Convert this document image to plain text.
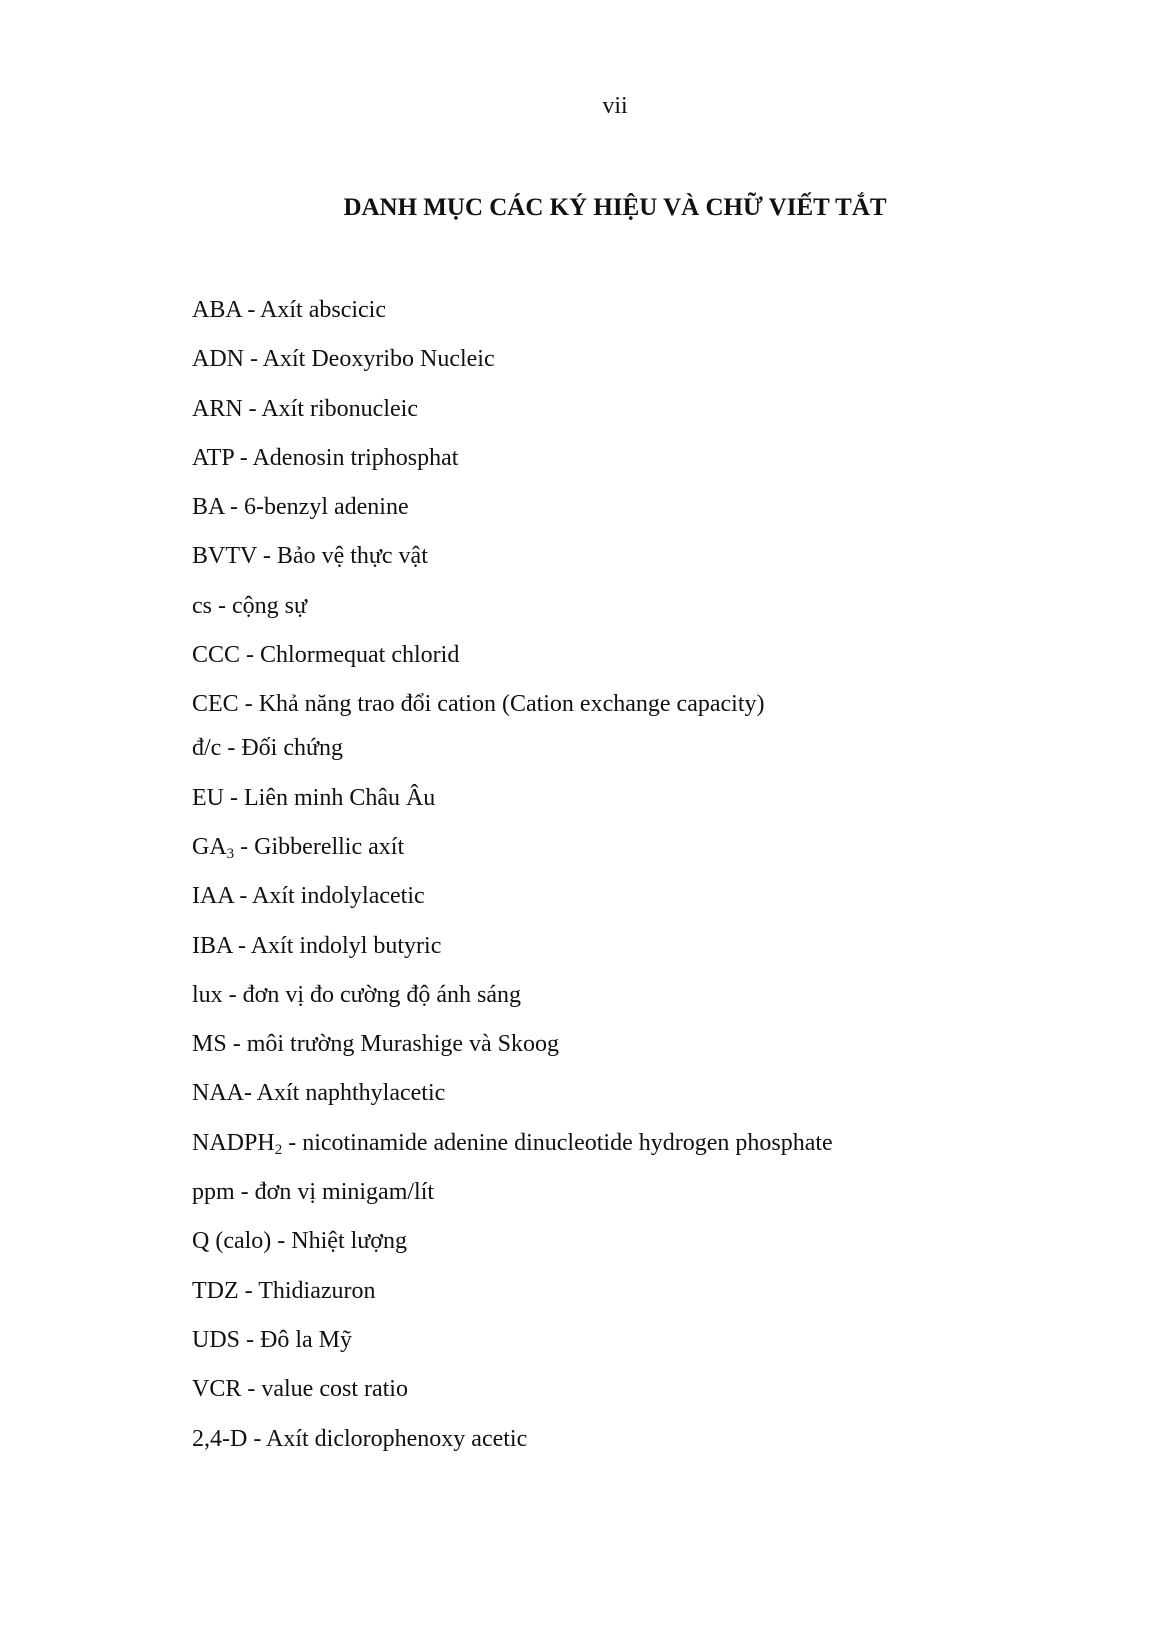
vii
DANH MỤC CÁC KÝ HIỆU VÀ CHỮ VIẾT TẮT
ABA - Axít abscicic
ADN - Axít Deoxyribo Nucleic
ARN - Axít ribonucleic
ATP - Adenosin triphosphat
BA - 6-benzyl adenine
BVTV - Bảo vệ thực vật
cs - cộng sự
CCC - Chlormequat chlorid
CEC - Khả năng trao đổi cation (Cation exchange capacity)
đ/c - Đối chứng
EU - Liên minh Châu Âu
$GA_3$ - Gibberellic axít
IAA - Axít indolylacetic
IBA - Axít indolyl butyric
lux - đơn vị đo cường độ ánh sáng
MS - môi trường Murashige và Skoog
NAA- Axít naphthylacetic
$NADPH_2$ - nicotinamide adenine dinucleotide hydrogen phosphate
ppm - đơn vị minigam/lít
Q (calo) - Nhiệt lượng
TDZ - Thidiazuron
UDS - Đô la Mỹ
VCR - value cost ratio
2,4-D - Axít diclorophenoxy acetic
